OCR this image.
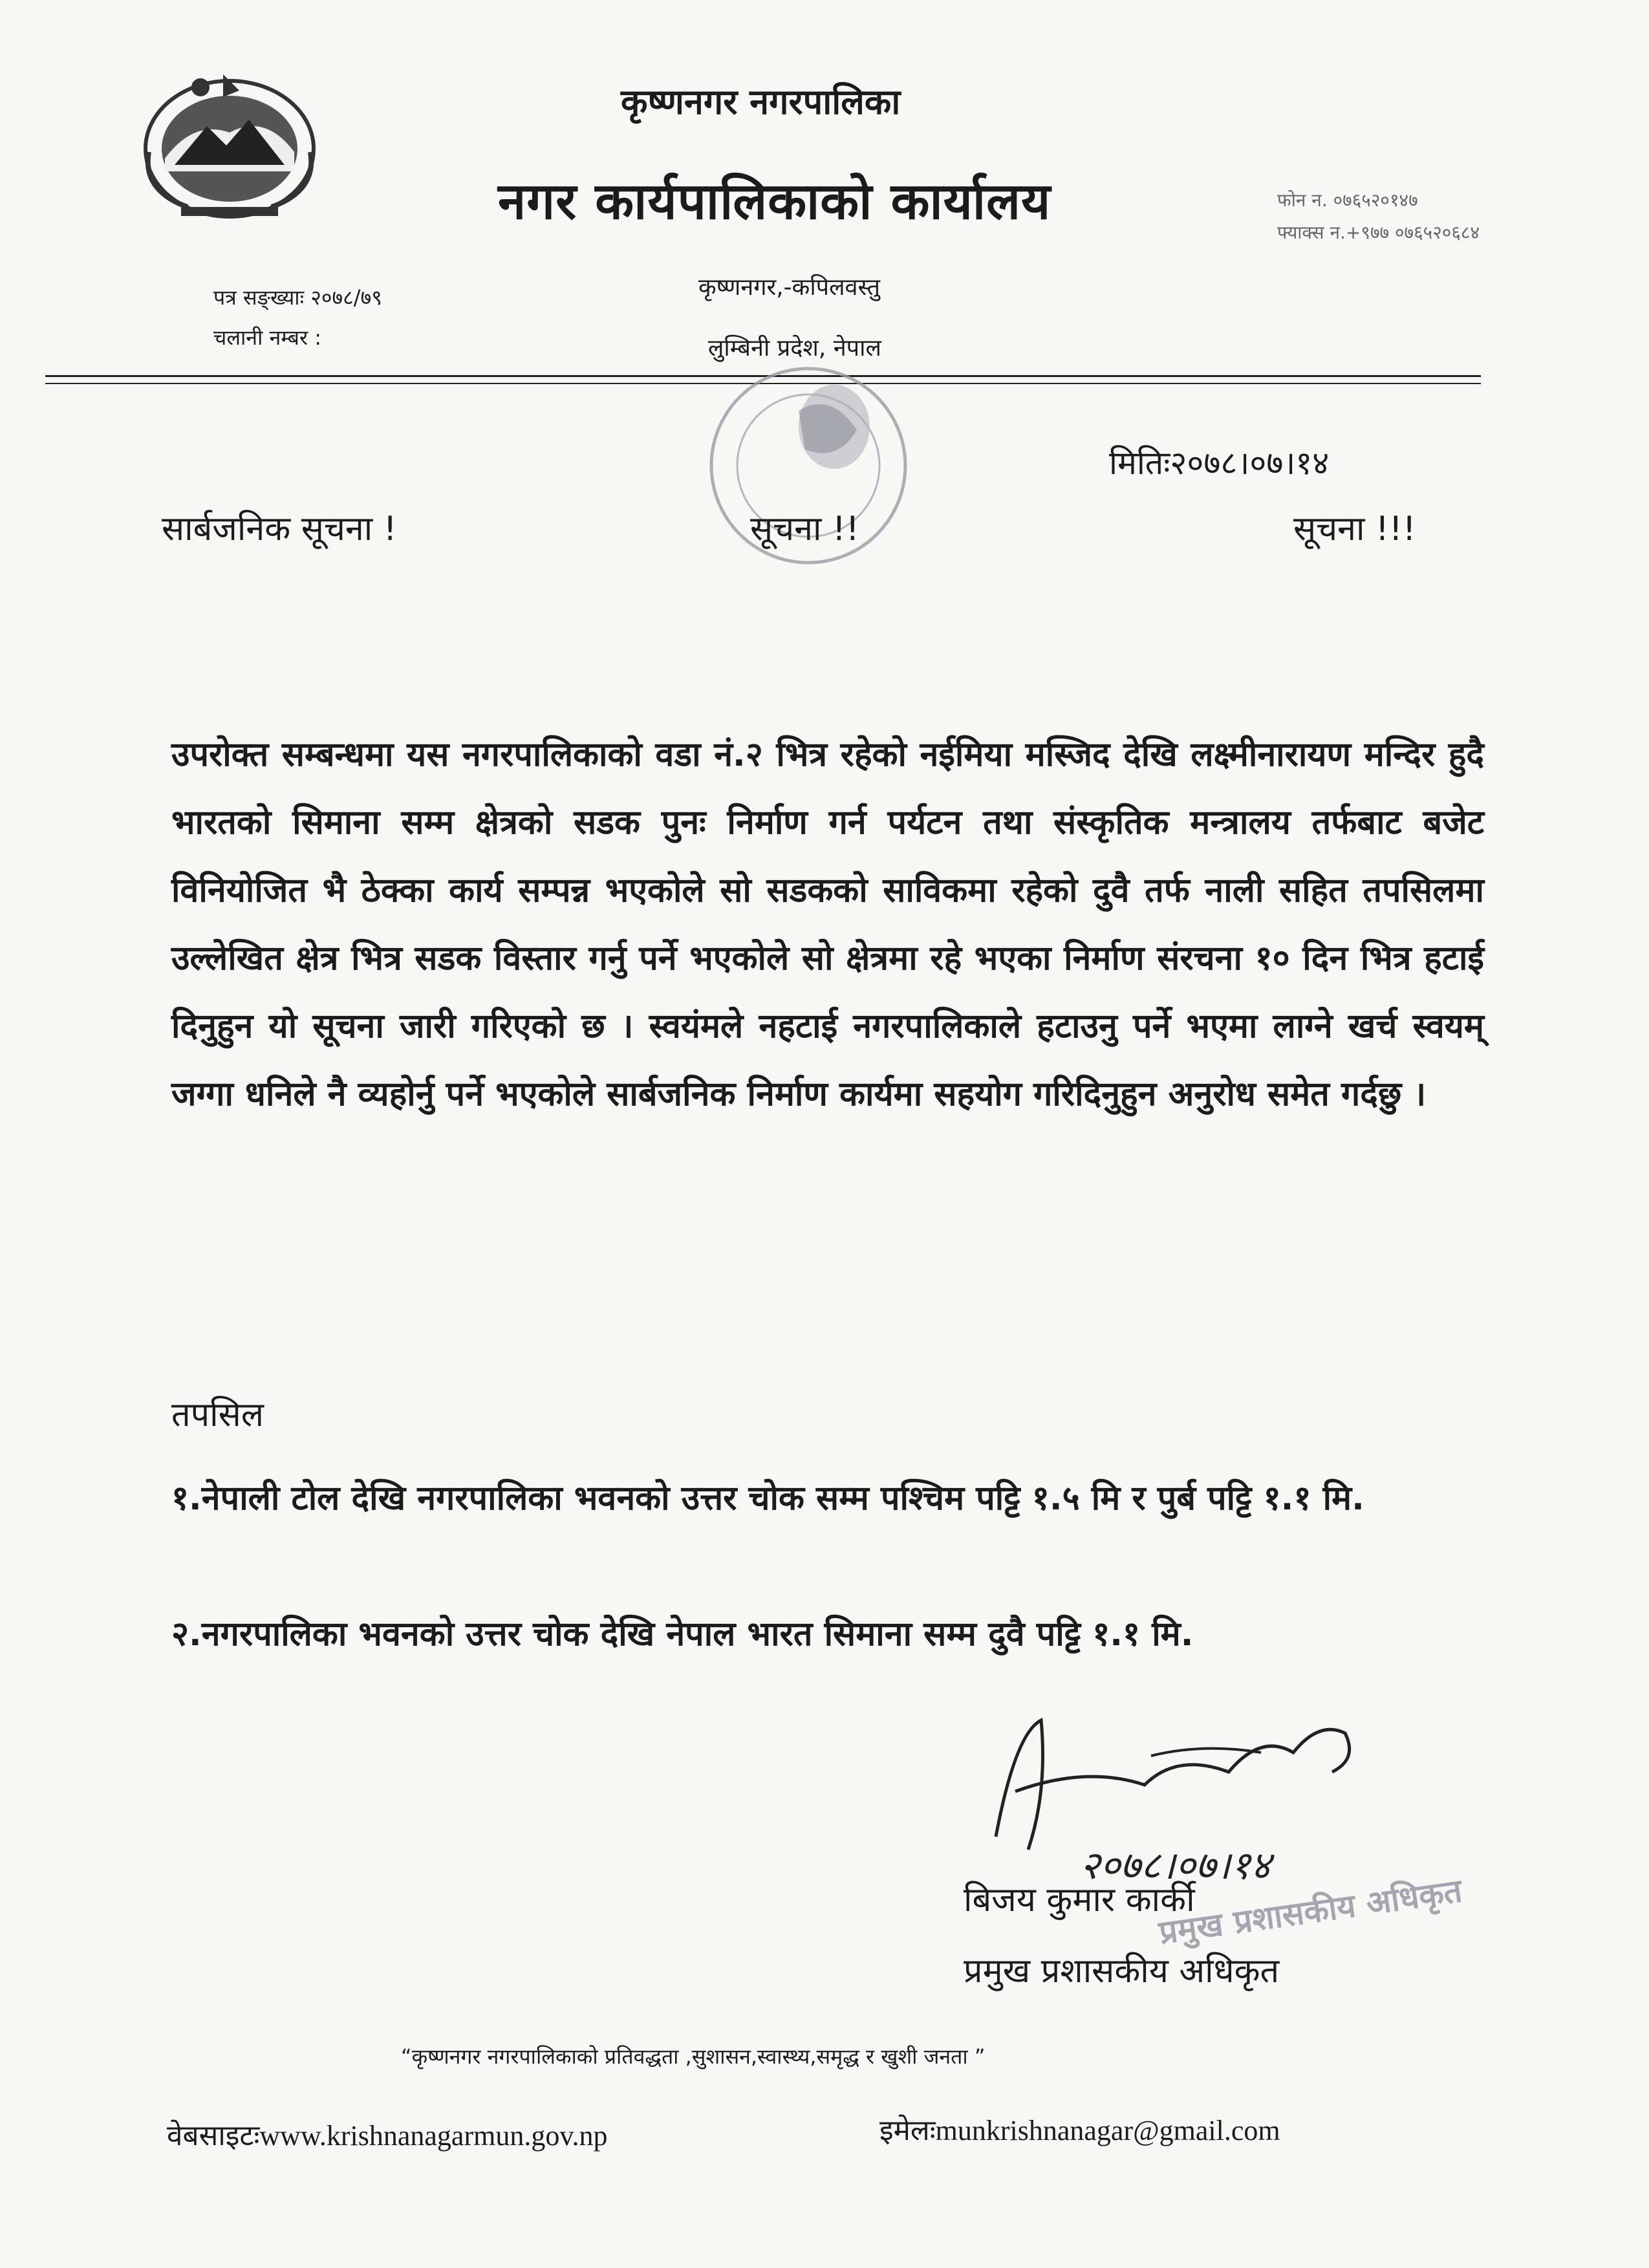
कृष्णनगर नगरपालिका
नगर कार्यपालिकाको कार्यालय	फोन न. ०७६५२०१४७
फ्याक्स न.+९७७ ०७६५२०६८४
पत्र सङ्ख्याः २०७८/७९
चलानी नम्बर :
कृष्णनगर,-कपिलवस्तु
लुम्बिनी प्रदेश, नेपाल
मितिः२०७८।०७।१४
सार्बजनिक सूचना !	सूचना !!	सूचना !!!
उपरोक्त सम्बन्धमा यस नगरपालिकाको वडा नं.२ भित्र रहेको नईमिया मस्जिद देखि लक्ष्मीनारायण मन्दिर हुदै भारतको सिमाना सम्म क्षेत्रको सडक पुनः निर्माण गर्न पर्यटन तथा संस्कृतिक मन्त्रालय तर्फबाट बजेट विनियोजित भै ठेक्का कार्य सम्पन्न भएकोले सो सडकको साविकमा रहेको दुवै तर्फ नाली सहित तपसिलमा उल्लेखित क्षेत्र भित्र सडक विस्तार गर्नु पर्ने भएकोले सो क्षेत्रमा रहे भएका निर्माण संरचना १० दिन भित्र हटाई दिनुहुन यो सूचना जारी गरिएको छ । स्वयंमले नहटाई नगरपालिकाले हटाउनु पर्ने भएमा लाग्ने खर्च स्वयम् जग्गा धनिले नै व्यहोर्नु पर्ने भएकोले सार्बजनिक निर्माण कार्यमा सहयोग गरिदिनुहुन अनुरोध समेत गर्दछु ।
तपसिल
१.नेपाली टोल देखि नगरपालिका भवनको उत्तर चोक सम्म पश्चिम पट्टि १.५ मि र पुर्ब पट्टि १.१ मि.
२.नगरपालिका भवनको उत्तर चोक देखि नेपाल भारत सिमाना सम्म दुवै पट्टि १.१ मि.
२०७८।०७।१४
बिजय कुमार कार्की
प्रमुख प्रशासकीय अधिकृत
प्रमुख प्रशासकीय अधिकृत
“कृष्णनगर नगरपालिकाको प्रतिवद्धता ,सुशासन,स्वास्थ्य,समृद्ध र खुशी जनता ”
वेबसाइटःwww.krishnanagarmun.gov.np	इमेलःmunkrishnanagar@gmail.com
